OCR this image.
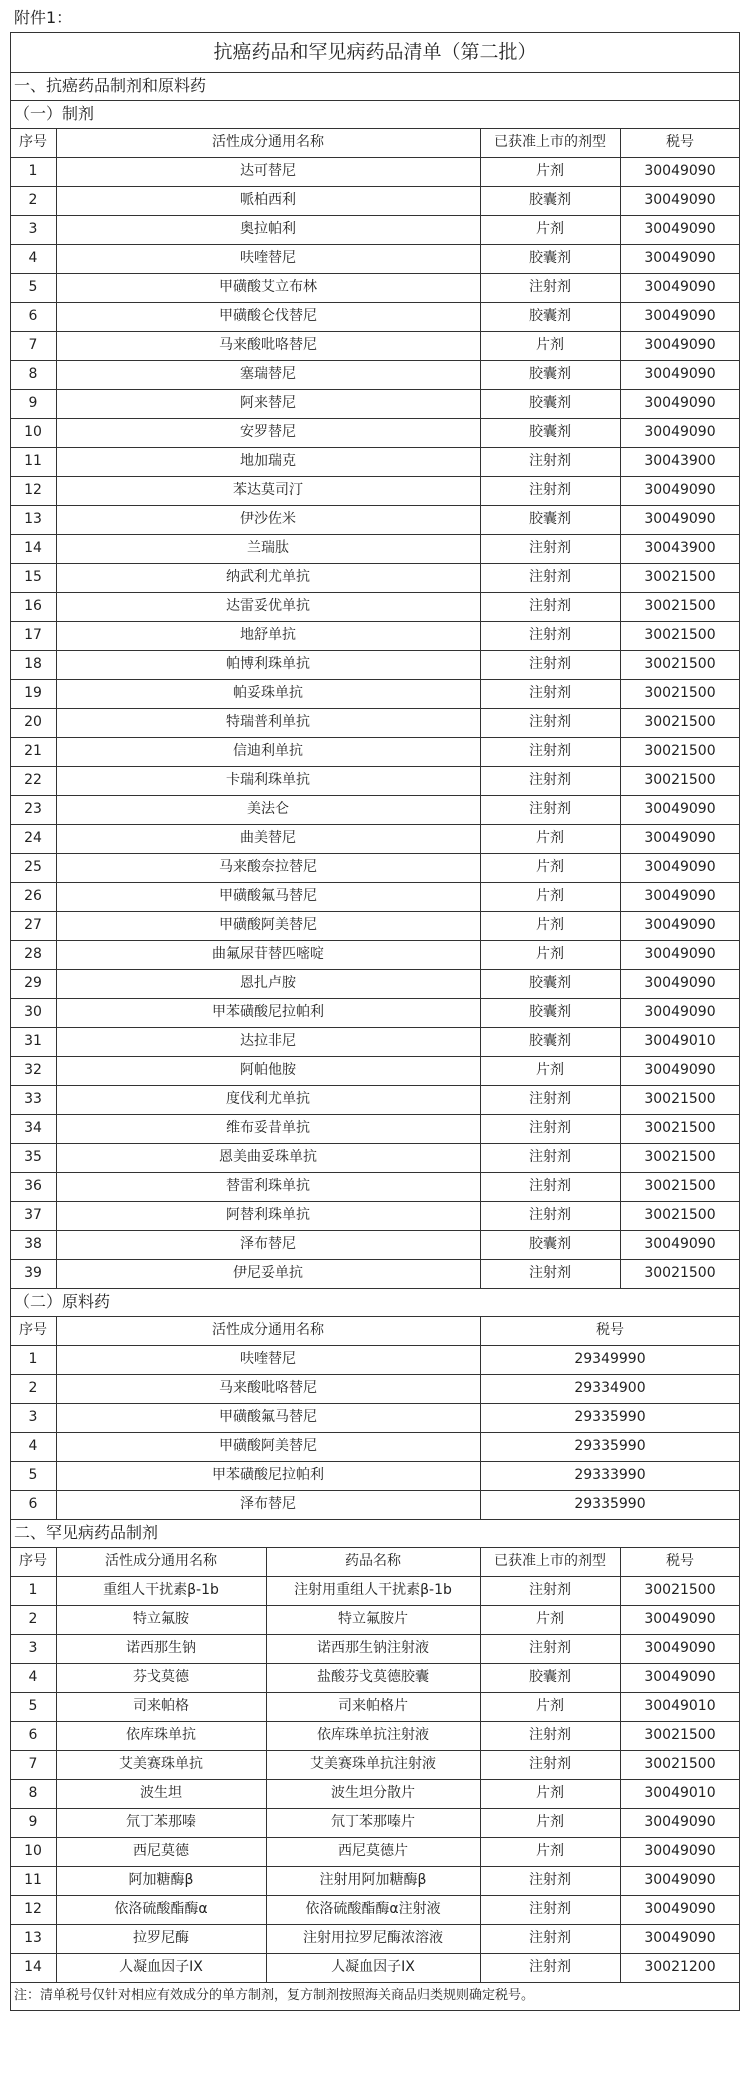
附件1：
抗癌药品和罕见病药品清单（第二批）
一、抗癌药品制剂和原料药
（一）制剂
序号	活性成分通用名称	已获准上市的剂型	税号
1	达可替尼	片剂	30049090
2	哌柏西利	胶囊剂	30049090
3	奥拉帕利	片剂	30049090
4	呋喹替尼	胶囊剂	30049090
5	甲磺酸艾立布林	注射剂	30049090
6	甲磺酸仑伐替尼	胶囊剂	30049090
7	马来酸吡咯替尼	片剂	30049090
8	塞瑞替尼	胶囊剂	30049090
9	阿来替尼	胶囊剂	30049090
10	安罗替尼	胶囊剂	30049090
11	地加瑞克	注射剂	30043900
12	苯达莫司汀	注射剂	30049090
13	伊沙佐米	胶囊剂	30049090
14	兰瑞肽	注射剂	30043900
15	纳武利尤单抗	注射剂	30021500
16	达雷妥优单抗	注射剂	30021500
17	地舒单抗	注射剂	30021500
18	帕博利珠单抗	注射剂	30021500
19	帕妥珠单抗	注射剂	30021500
20	特瑞普利单抗	注射剂	30021500
21	信迪利单抗	注射剂	30021500
22	卡瑞利珠单抗	注射剂	30021500
23	美法仑	注射剂	30049090
24	曲美替尼	片剂	30049090
25	马来酸奈拉替尼	片剂	30049090
26	甲磺酸氟马替尼	片剂	30049090
27	甲磺酸阿美替尼	片剂	30049090
28	曲氟尿苷替匹嘧啶	片剂	30049090
29	恩扎卢胺	胶囊剂	30049090
30	甲苯磺酸尼拉帕利	胶囊剂	30049090
31	达拉非尼	胶囊剂	30049010
32	阿帕他胺	片剂	30049090
33	度伐利尤单抗	注射剂	30021500
34	维布妥昔单抗	注射剂	30021500
35	恩美曲妥珠单抗	注射剂	30021500
36	替雷利珠单抗	注射剂	30021500
37	阿替利珠单抗	注射剂	30021500
38	泽布替尼	胶囊剂	30049090
39	伊尼妥单抗	注射剂	30021500
（二）原料药
序号	活性成分通用名称	税号
1	呋喹替尼	29349990
2	马来酸吡咯替尼	29334900
3	甲磺酸氟马替尼	29335990
4	甲磺酸阿美替尼	29335990
5	甲苯磺酸尼拉帕利	29333990
6	泽布替尼	29335990
二、罕见病药品制剂
序号	活性成分通用名称	药品名称	已获准上市的剂型	税号
1	重组人干扰素β-1b	注射用重组人干扰素β-1b	注射剂	30021500
2	特立氟胺	特立氟胺片	片剂	30049090
3	诺西那生钠	诺西那生钠注射液	注射剂	30049090
4	芬戈莫德	盐酸芬戈莫德胶囊	胶囊剂	30049090
5	司来帕格	司来帕格片	片剂	30049010
6	依库珠单抗	依库珠单抗注射液	注射剂	30021500
7	艾美赛珠单抗	艾美赛珠单抗注射液	注射剂	30021500
8	波生坦	波生坦分散片	片剂	30049010
9	氘丁苯那嗪	氘丁苯那嗪片	片剂	30049090
10	西尼莫德	西尼莫德片	片剂	30049090
11	阿加糖酶β	注射用阿加糖酶β	注射剂	30049090
12	依洛硫酸酯酶α	依洛硫酸酯酶α注射液	注射剂	30049090
13	拉罗尼酶	注射用拉罗尼酶浓溶液	注射剂	30049090
14	人凝血因子IX	人凝血因子IX	注射剂	30021200
注：清单税号仅针对相应有效成分的单方制剂，复方制剂按照海关商品归类规则确定税号。
